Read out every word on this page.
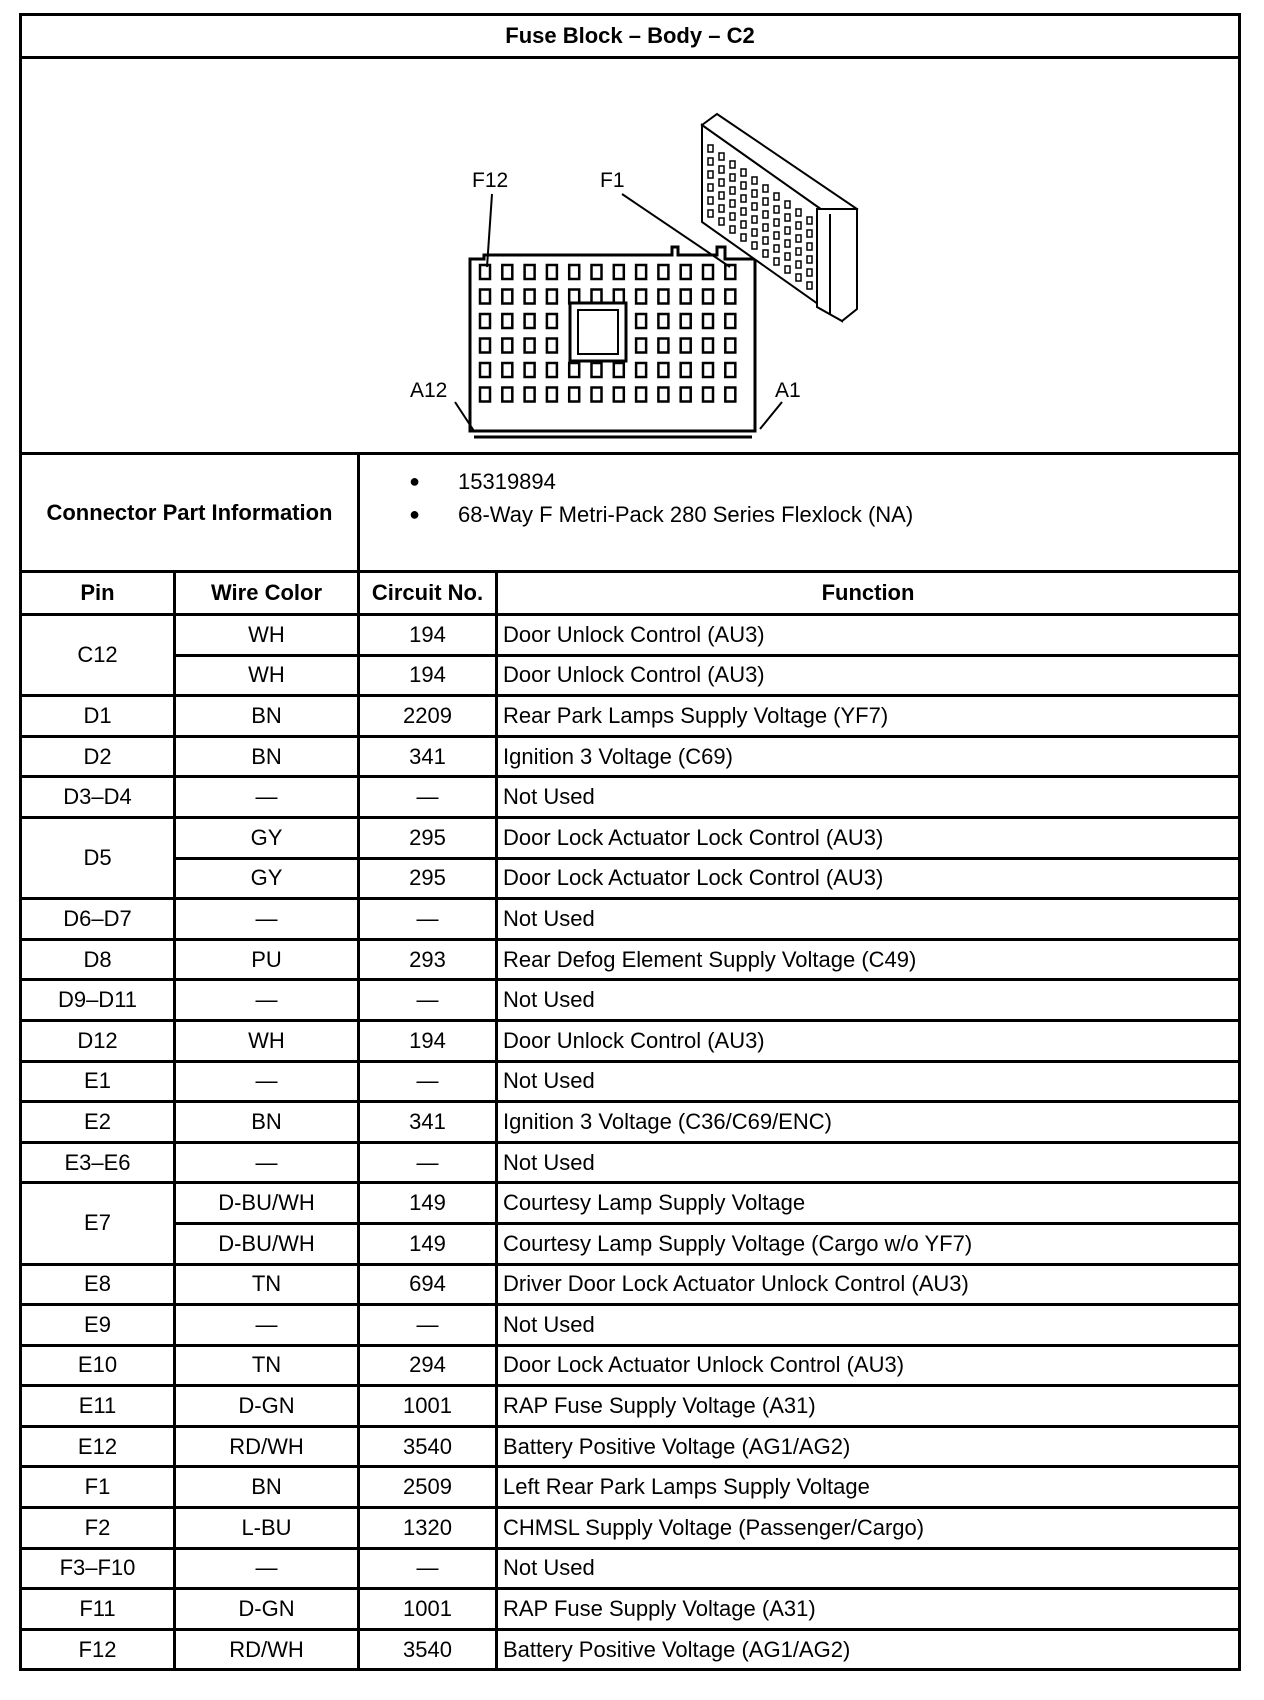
Fuse Block – Body – C2			

F12 F1
A12 A1			

Connector Part Information		● 15319894
● 68-Way F Metri-Pack 280 Series Flexlock (NA)	

Pin	Wire Color	Circuit No.	Function
C12	WH	194	Door Unlock Control (AU3)
	WH	194	Door Unlock Control (AU3)
D1	BN	2209	Rear Park Lamps Supply Voltage (YF7)
D2	BN	341	Ignition 3 Voltage (C69)
D3–D4	—	—	Not Used
D5	GY	295	Door Lock Actuator Lock Control (AU3)
	GY	295	Door Lock Actuator Lock Control (AU3)
D6–D7	—	—	Not Used
D8	PU	293	Rear Defog Element Supply Voltage (C49)
D9–D11	—	—	Not Used
D12	WH	194	Door Unlock Control (AU3)
E1	—	—	Not Used
E2	BN	341	Ignition 3 Voltage (C36/C69/ENC)
E3–E6	—	—	Not Used
E7	D-BU/WH	149	Courtesy Lamp Supply Voltage
	D-BU/WH	149	Courtesy Lamp Supply Voltage (Cargo w/o YF7)
E8	TN	694	Driver Door Lock Actuator Unlock Control (AU3)
E9	—	—	Not Used
E10	TN	294	Door Lock Actuator Unlock Control (AU3)
E11	D-GN	1001	RAP Fuse Supply Voltage (A31)
E12	RD/WH	3540	Battery Positive Voltage (AG1/AG2)
F1	BN	2509	Left Rear Park Lamps Supply Voltage
F2	L-BU	1320	CHMSL Supply Voltage (Passenger/Cargo)
F3–F10	—	—	Not Used
F11	D-GN	1001	RAP Fuse Supply Voltage (A31)
F12	RD/WH	3540	Battery Positive Voltage (AG1/AG2)
